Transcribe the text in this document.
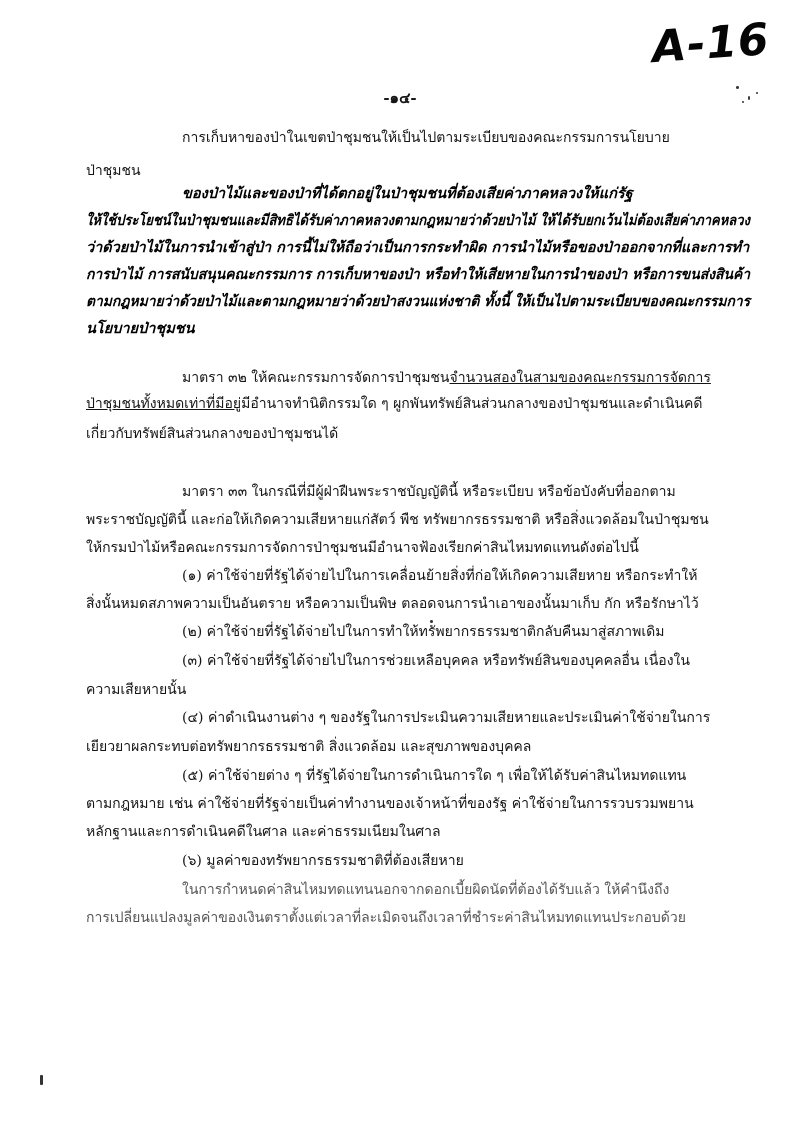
A-16
-๑๔-
การเก็บหาของป่าในเขตป่าชุมชนให้เป็นไปตามระเบียบของคณะกรรมการนโยบาย
ป่าชุมชน
ของป่าไม้และของป่าที่ได้ตกอยู่ในป่าชุมชนที่ต้องเสียค่าภาคหลวงให้แก่รัฐ
ให้ใช้ประโยชน์ในป่าชุมชนและมีสิทธิได้รับค่าภาคหลวงตามกฎหมายว่าด้วยป่าไม้ ให้ได้รับยกเว้นไม่ต้องเสียค่าภาคหลวง
ว่าด้วยป่าไม้ในการนำเข้าสู่ป่า การนี้ไม่ให้ถือว่าเป็นการกระทำผิด การนำไม้หรือของป่าออกจากที่และการทำ
การป่าไม้ การสนับสนุนคณะกรรมการ การเก็บหาของป่า หรือทำให้เสียหายในการนำของป่า หรือการขนส่งสินค้า
ตามกฎหมายว่าด้วยป่าไม้และตามกฎหมายว่าด้วยป่าสงวนแห่งชาติ ทั้งนี้ ให้เป็นไปตามระเบียบของคณะกรรมการ
นโยบายป่าชุมชน
มาตรา ๓๒ ให้คณะกรรมการจัดการป่าชุมชนจำนวนสองในสามของคณะกรรมการจัดการ
ป่าชุมชนทั้งหมดเท่าที่มีอยู่มีอำนาจทำนิติกรรมใด ๆ ผูกพันทรัพย์สินส่วนกลางของป่าชุมชนและดำเนินคดี
เกี่ยวกับทรัพย์สินส่วนกลางของป่าชุมชนได้
มาตรา ๓๓ ในกรณีที่มีผู้ฝ่าฝืนพระราชบัญญัตินี้ หรือระเบียบ หรือข้อบังคับที่ออกตาม
พระราชบัญญัตินี้ และก่อให้เกิดความเสียหายแก่สัตว์ พืช ทรัพยากรธรรมชาติ หรือสิ่งแวดล้อมในป่าชุมชน
ให้กรมป่าไม้หรือคณะกรรมการจัดการป่าชุมชนมีอำนาจฟ้องเรียกค่าสินไหมทดแทนดังต่อไปนี้
(๑) ค่าใช้จ่ายที่รัฐได้จ่ายไปในการเคลื่อนย้ายสิ่งที่ก่อให้เกิดความเสียหาย หรือกระทำให้
สิ่งนั้นหมดสภาพความเป็นอันตราย หรือความเป็นพิษ ตลอดจนการนำเอาของนั้นมาเก็บ กัก หรือรักษาไว้
(๒) ค่าใช้จ่ายที่รัฐได้จ่ายไปในการทำให้ทรัพยากรธรรมชาติกลับคืนมาสู่สภาพเดิม
(๓) ค่าใช้จ่ายที่รัฐได้จ่ายไปในการช่วยเหลือบุคคล หรือทรัพย์สินของบุคคลอื่น เนื่องใน
ความเสียหายนั้น
(๔) ค่าดำเนินงานต่าง ๆ ของรัฐในการประเมินความเสียหายและประเมินค่าใช้จ่ายในการ
เยียวยาผลกระทบต่อทรัพยากรธรรมชาติ สิ่งแวดล้อม และสุขภาพของบุคคล
(๕) ค่าใช้จ่ายต่าง ๆ ที่รัฐได้จ่ายในการดำเนินการใด ๆ เพื่อให้ได้รับค่าสินไหมทดแทน
ตามกฎหมาย เช่น ค่าใช้จ่ายที่รัฐจ่ายเป็นค่าทำงานของเจ้าหน้าที่ของรัฐ ค่าใช้จ่ายในการรวบรวมพยาน
หลักฐานและการดำเนินคดีในศาล และค่าธรรมเนียมในศาล
(๖) มูลค่าของทรัพยากรธรรมชาติที่ต้องเสียหาย
ในการกำหนดค่าสินไหมทดแทนนอกจากดอกเบี้ยผิดนัดที่ต้องได้รับแล้ว ให้คำนึงถึง
การเปลี่ยนแปลงมูลค่าของเงินตราตั้งแต่เวลาที่ละเมิดจนถึงเวลาที่ชำระค่าสินไหมทดแทนประกอบด้วย
